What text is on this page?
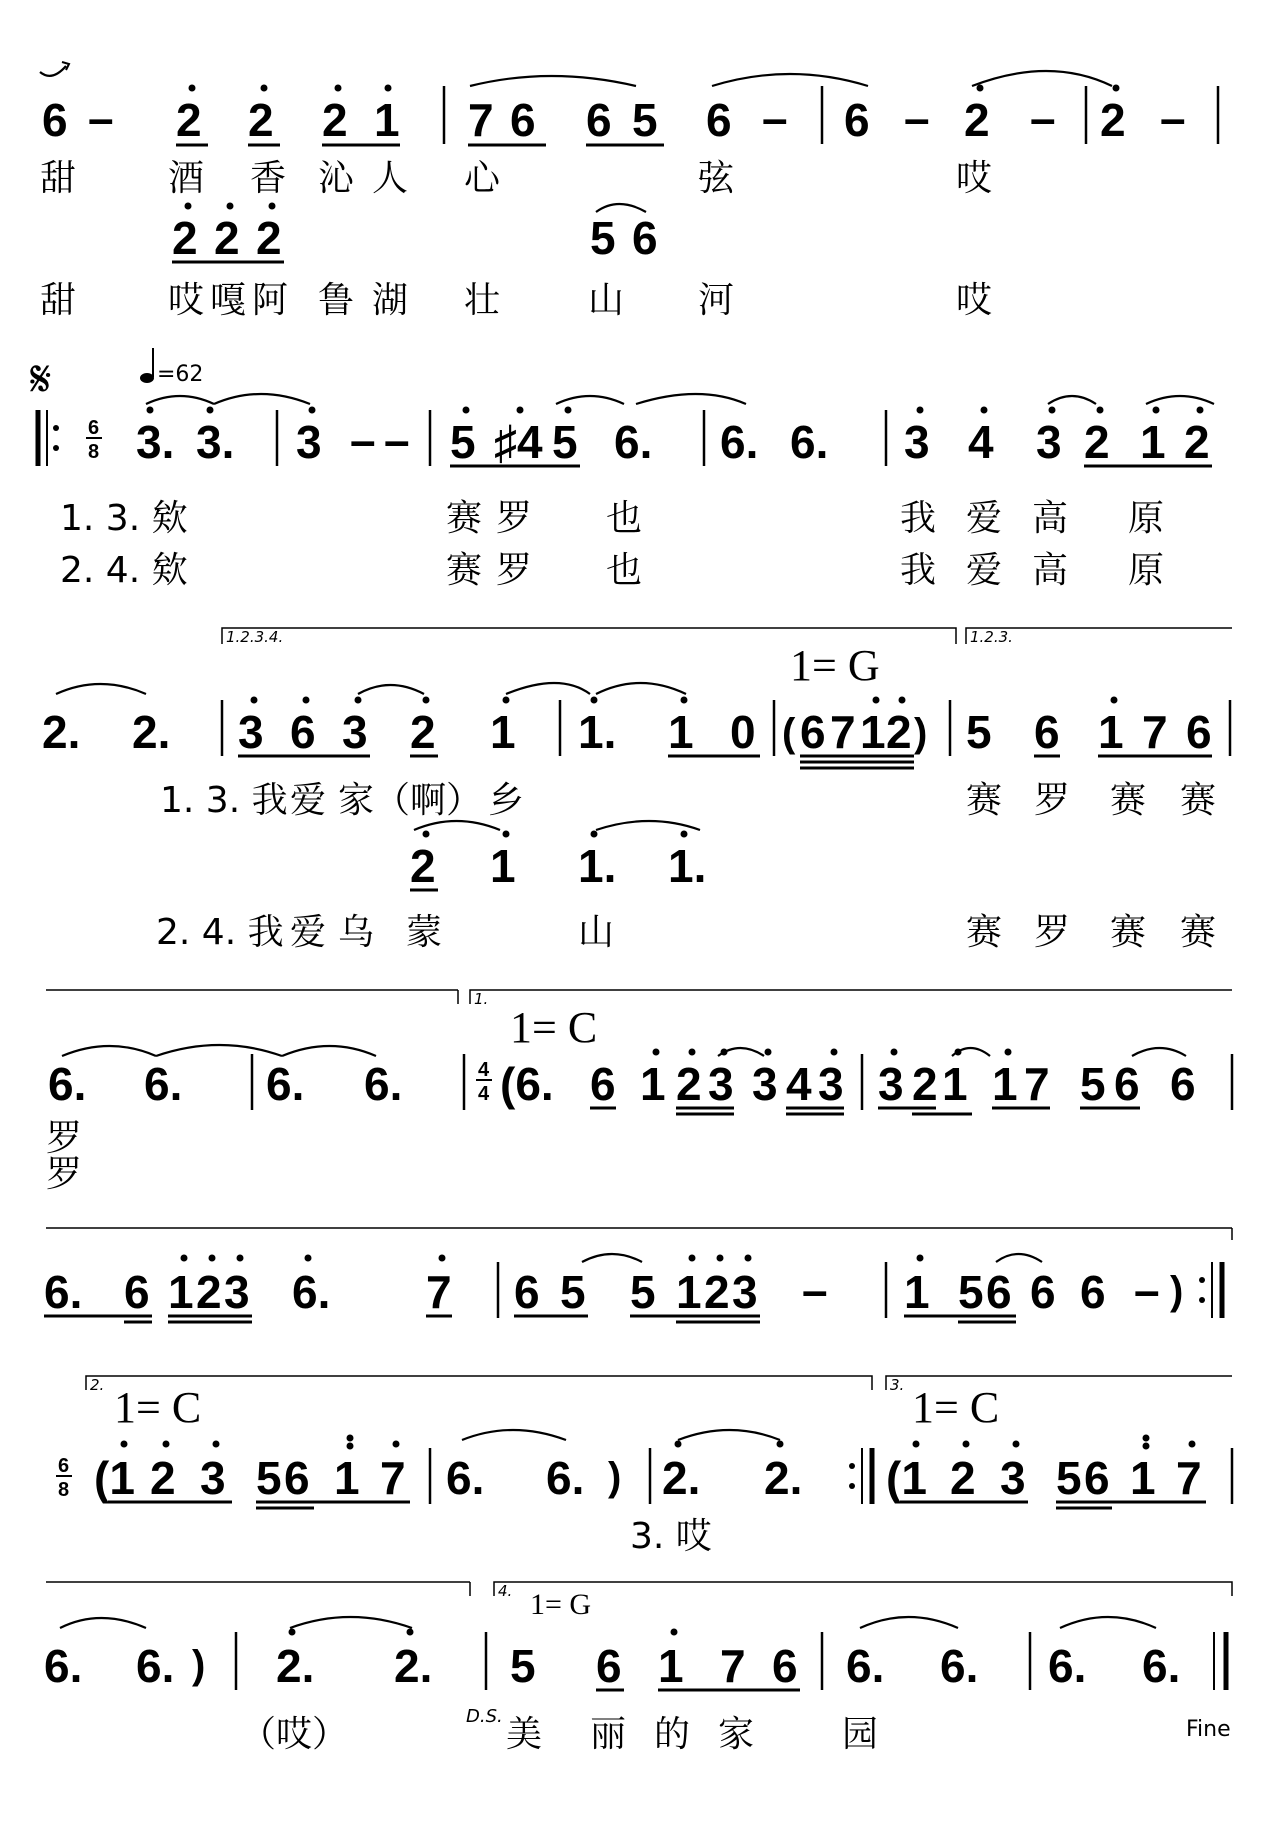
6 – 2 2 2 1 7 6 6 5 6 – 6 – 2 – 2 –
甜	酒 香 沁 人 心	弦	哎
2 2 2	5 6
甜	哎 嘎 阿 鲁 湖 壮 山 河	哎
𝄋	=62
6
8 3. 3. 3 – – 5 ♯4 5 6. 6. 6. 3 4 3 2 1 2
1. 3. 欸	赛 罗 也	我 爱 高 原
2. 4. 欸	赛 罗 也	我 爱 高 原
1.2.3.4.	1.2.3.
1= G
2. 2. 3 6 3 2 1 1. 1 0 ( 6 7 1 2 ) 5 6 1 7 6
1. 3. 我 爱 家（啊） 乡	赛 罗 赛 赛
2 1 1. 1.
2. 4. 我 爱 乌 蒙	山	赛 罗 赛 赛
1.
1= C
6. 6. 6. 6.	4
4 (6. 6 1 2 3 3 4 3 3 2 1 1 7 5 6 6
罗
罗
6. 6 1 2 3 6. 7 6 5 5 1 2 3 – 1 5 6 6 6 – )
2.	3.
1= C	1= C
6
8 (1 2 3 5 6 1 7 6. 6. ) 2. 2. (1 2 3 5 6 1 7
3. 哎
4. 1= G
6. 6. ) 2. 2. 5 6 1 7 6 6. 6. 6. 6.
（哎）	D.S. 美 丽 的 家 园	Fine
